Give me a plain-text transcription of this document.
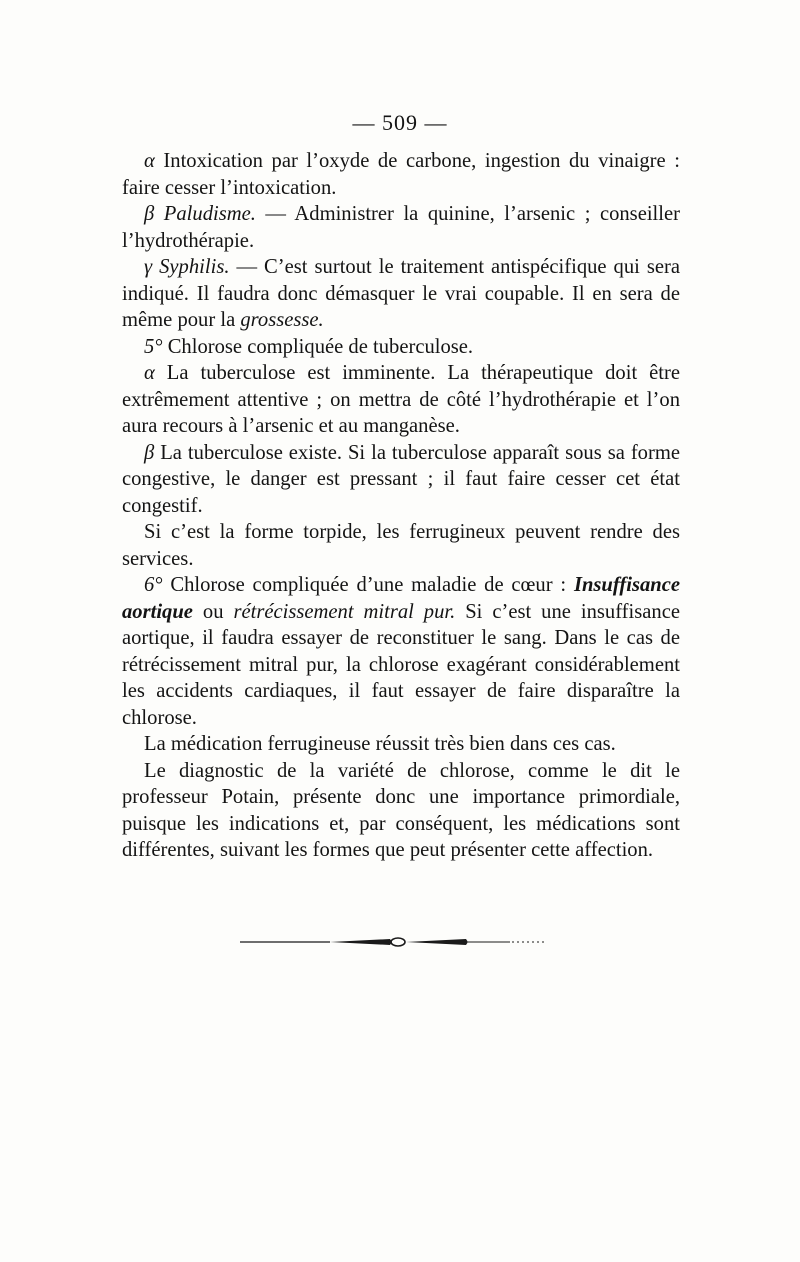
— 509 —

α Intoxication par l’oxyde de carbone, ingestion du vinaigre : faire cesser l’intoxication.

β Paludisme. — Administrer la quinine, l’arsenic ; conseiller l’hydrothérapie.

γ Syphilis. — C’est surtout le traitement antispécifique qui sera indiqué. Il faudra donc démasquer le vrai coupable. Il en sera de même pour la grossesse.

5° Chlorose compliquée de tuberculose.

α La tuberculose est imminente. La thérapeutique doit être extrêmement attentive ; on mettra de côté l’hydrothérapie et l’on aura recours à l’arsenic et au manganèse.

β La tuberculose existe. Si la tuberculose apparaît sous sa forme congestive, le danger est pressant ; il faut faire cesser cet état congestif.

Si c’est la forme torpide, les ferrugineux peuvent rendre des services.

6° Chlorose compliquée d’une maladie de cœur : Insuffisance aortique ou rétrécissement mitral pur. Si c’est une insuffisance aortique, il faudra essayer de reconstituer le sang. Dans le cas de rétrécissement mitral pur, la chlorose exagérant considérablement les accidents cardiaques, il faut essayer de faire disparaître la chlorose.

La médication ferrugineuse réussit très bien dans ces cas.

Le diagnostic de la variété de chlorose, comme le dit le professeur Potain, présente donc une importance primordiale, puisque les indications et, par conséquent, les médications sont différentes, suivant les formes que peut présenter cette affection.
